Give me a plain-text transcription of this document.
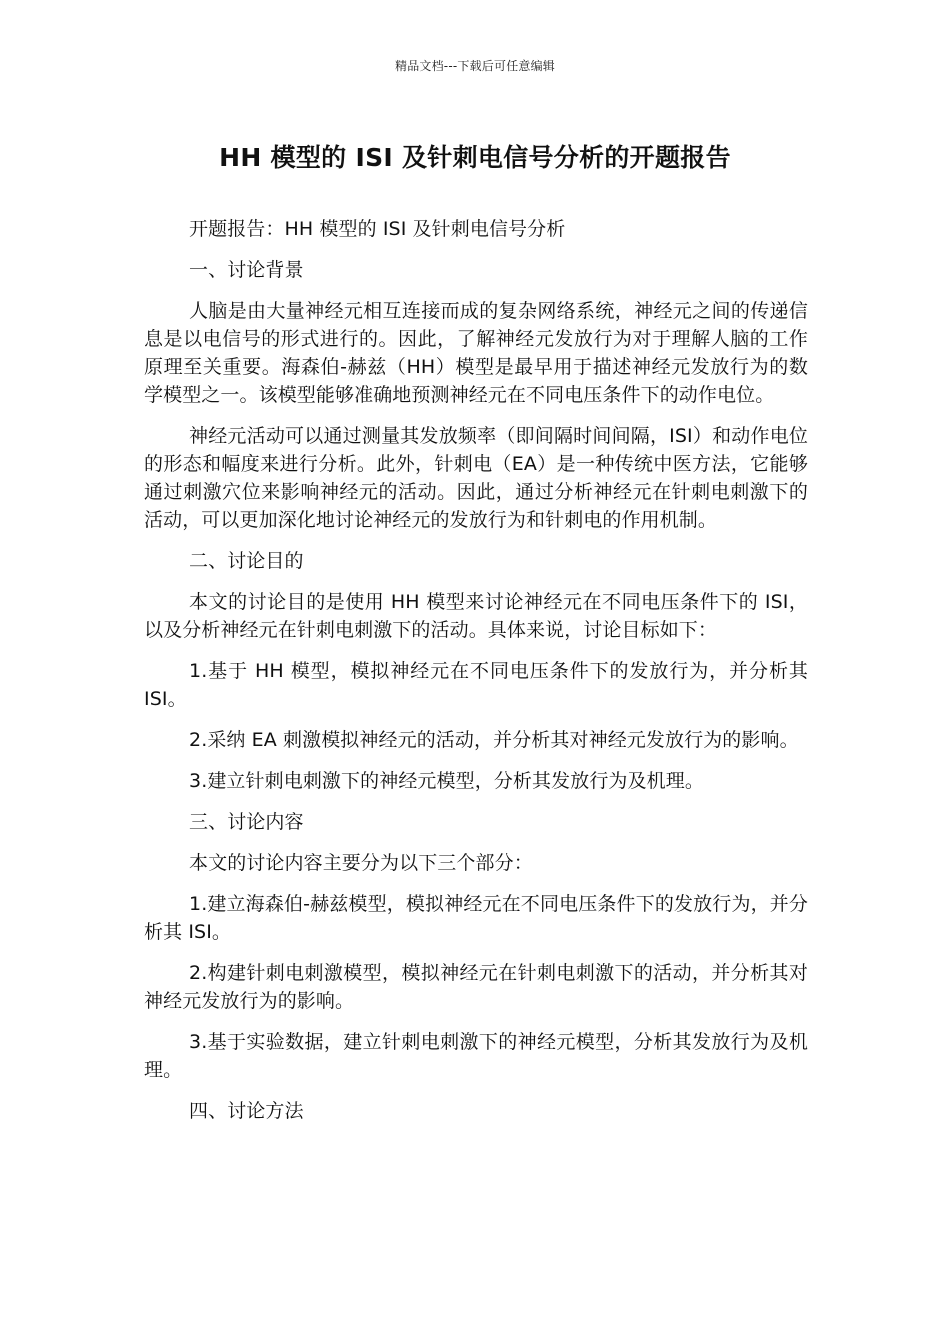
精品文档---下载后可任意编辑
HH 模型的 ISI 及针刺电信号分析的开题报告

开题报告：HH 模型的 ISI 及针刺电信号分析

一、讨论背景

人脑是由大量神经元相互连接而成的复杂网络系统，神经元之间的传递信息是以电信号的形式进行的。因此，了解神经元发放行为对于理解人脑的工作原理至关重要。海森伯-赫兹（HH）模型是最早用于描述神经元发放行为的数学模型之一。该模型能够准确地预测神经元在不同电压条件下的动作电位。

神经元活动可以通过测量其发放频率（即间隔时间间隔，ISI）和动作电位的形态和幅度来进行分析。此外，针刺电（EA）是一种传统中医方法，它能够通过刺激穴位来影响神经元的活动。因此，通过分析神经元在针刺电刺激下的活动，可以更加深化地讨论神经元的发放行为和针刺电的作用机制。

二、讨论目的

本文的讨论目的是使用 HH 模型来讨论神经元在不同电压条件下的 ISI，以及分析神经元在针刺电刺激下的活动。具体来说，讨论目标如下：

1.基于 HH 模型，模拟神经元在不同电压条件下的发放行为，并分析其 ISI。

2.采纳 EA 刺激模拟神经元的活动，并分析其对神经元发放行为的影响。

3.建立针刺电刺激下的神经元模型，分析其发放行为及机理。

三、讨论内容

本文的讨论内容主要分为以下三个部分：

1.建立海森伯-赫兹模型，模拟神经元在不同电压条件下的发放行为，并分析其 ISI。

2.构建针刺电刺激模型，模拟神经元在针刺电刺激下的活动，并分析其对神经元发放行为的影响。

3.基于实验数据，建立针刺电刺激下的神经元模型，分析其发放行为及机理。

四、讨论方法
